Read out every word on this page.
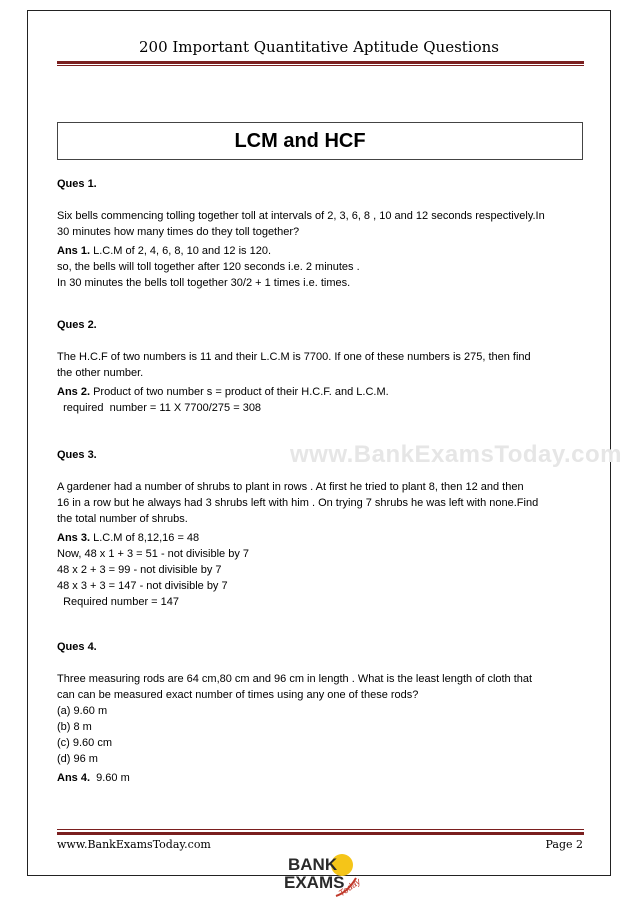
200 Important Quantitative Aptitude Questions
LCM and HCF
www.BankExamsToday.com
Ques 1.
Six bells commencing tolling together toll at intervals of 2, 3, 6, 8 , 10 and 12 seconds respectively.In
30 minutes how many times do they toll together?
Ans 1. L.C.M of 2, 4, 6, 8, 10 and 12 is 120.
so, the bells will toll together after 120 seconds i.e. 2 minutes .
In 30 minutes the bells toll together 30/2 + 1 times i.e. times.
Ques 2.
The H.C.F of two numbers is 11 and their L.C.M is 7700. If one of these numbers is 275, then find
the other number.
Ans 2. Product of two number s = product of their H.C.F. and L.C.M.
required  number = 11 X 7700/275 = 308
Ques 3.
A gardener had a number of shrubs to plant in rows . At first he tried to plant 8, then 12 and then
16 in a row but he always had 3 shrubs left with him . On trying 7 shrubs he was left with none.Find
the total number of shrubs.
Ans 3. L.C.M of 8,12,16 = 48
Now, 48 x 1 + 3 = 51 - not divisible by 7
48 x 2 + 3 = 99 - not divisible by 7
48 x 3 + 3 = 147 - not divisible by 7
Required number = 147
Ques 4.
Three measuring rods are 64 cm,80 cm and 96 cm in length . What is the least length of cloth that
can can be measured exact number of times using any one of these rods?
(a) 9.60 m
(b) 8 m
(c) 9.60 cm
(d) 96 m
Ans 4.  9.60 m
www.BankExamsToday.com	Page 2
BANK
EXAMS
Today
